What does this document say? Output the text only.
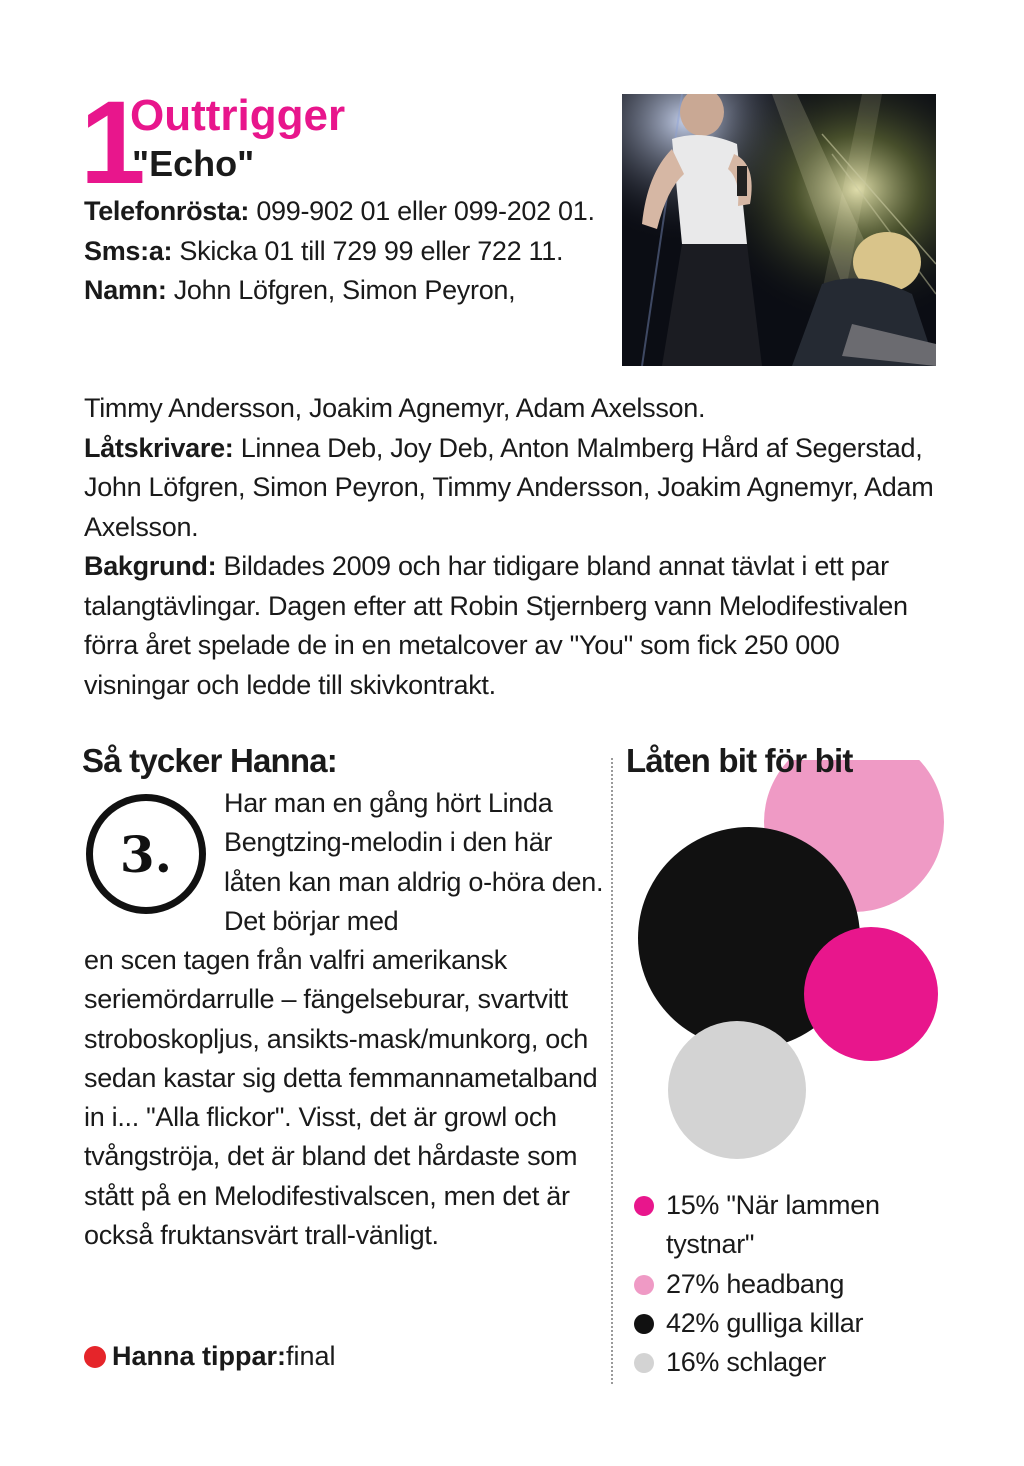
1
Outtrigger
"Echo"
Telefonrösta: 099-902 01 eller 099-202 01.
Sms:a: Skicka 01 till 729 99 eller 722 11.
Namn: John Löfgren, Simon Peyron,
Timmy Andersson, Joakim Agnemyr, Adam Axelsson.
Låtskrivare: Linnea Deb, Joy Deb, Anton Malmberg Hård af Segerstad, John Löfgren, Simon Peyron, Timmy Andersson, Joakim Agnemyr, Adam Axelsson.
Bakgrund: Bildades 2009 och har tidigare bland annat tävlat i ett par talangtävlingar. Dagen efter att Robin Stjernberg vann Melodifestivalen förra året spelade de in en metalcover av "You" som fick 250 000 visningar och ledde till skivkontrakt.
Så tycker Hanna:
3.
Har man en gång hört Linda Bengtzing-melodin i den här låten kan man aldrig o-höra den. Det börjar med
en scen tagen från valfri amerikansk seriemördarrulle – fängelseburar, svartvitt stroboskopljus, ansikts-mask/munkorg, och sedan kastar sig detta femmannametalband in i... "Alla flickor". Visst, det är growl och tvångströja, det är bland det hårdaste som stått på en Melodifestivalscen, men det är också fruktansvärt trall-vänligt.
Hanna tippar: final
Låten bit för bit
15% "När lammen tystnar"
27% headbang
42% gulliga killar
16% schlager
